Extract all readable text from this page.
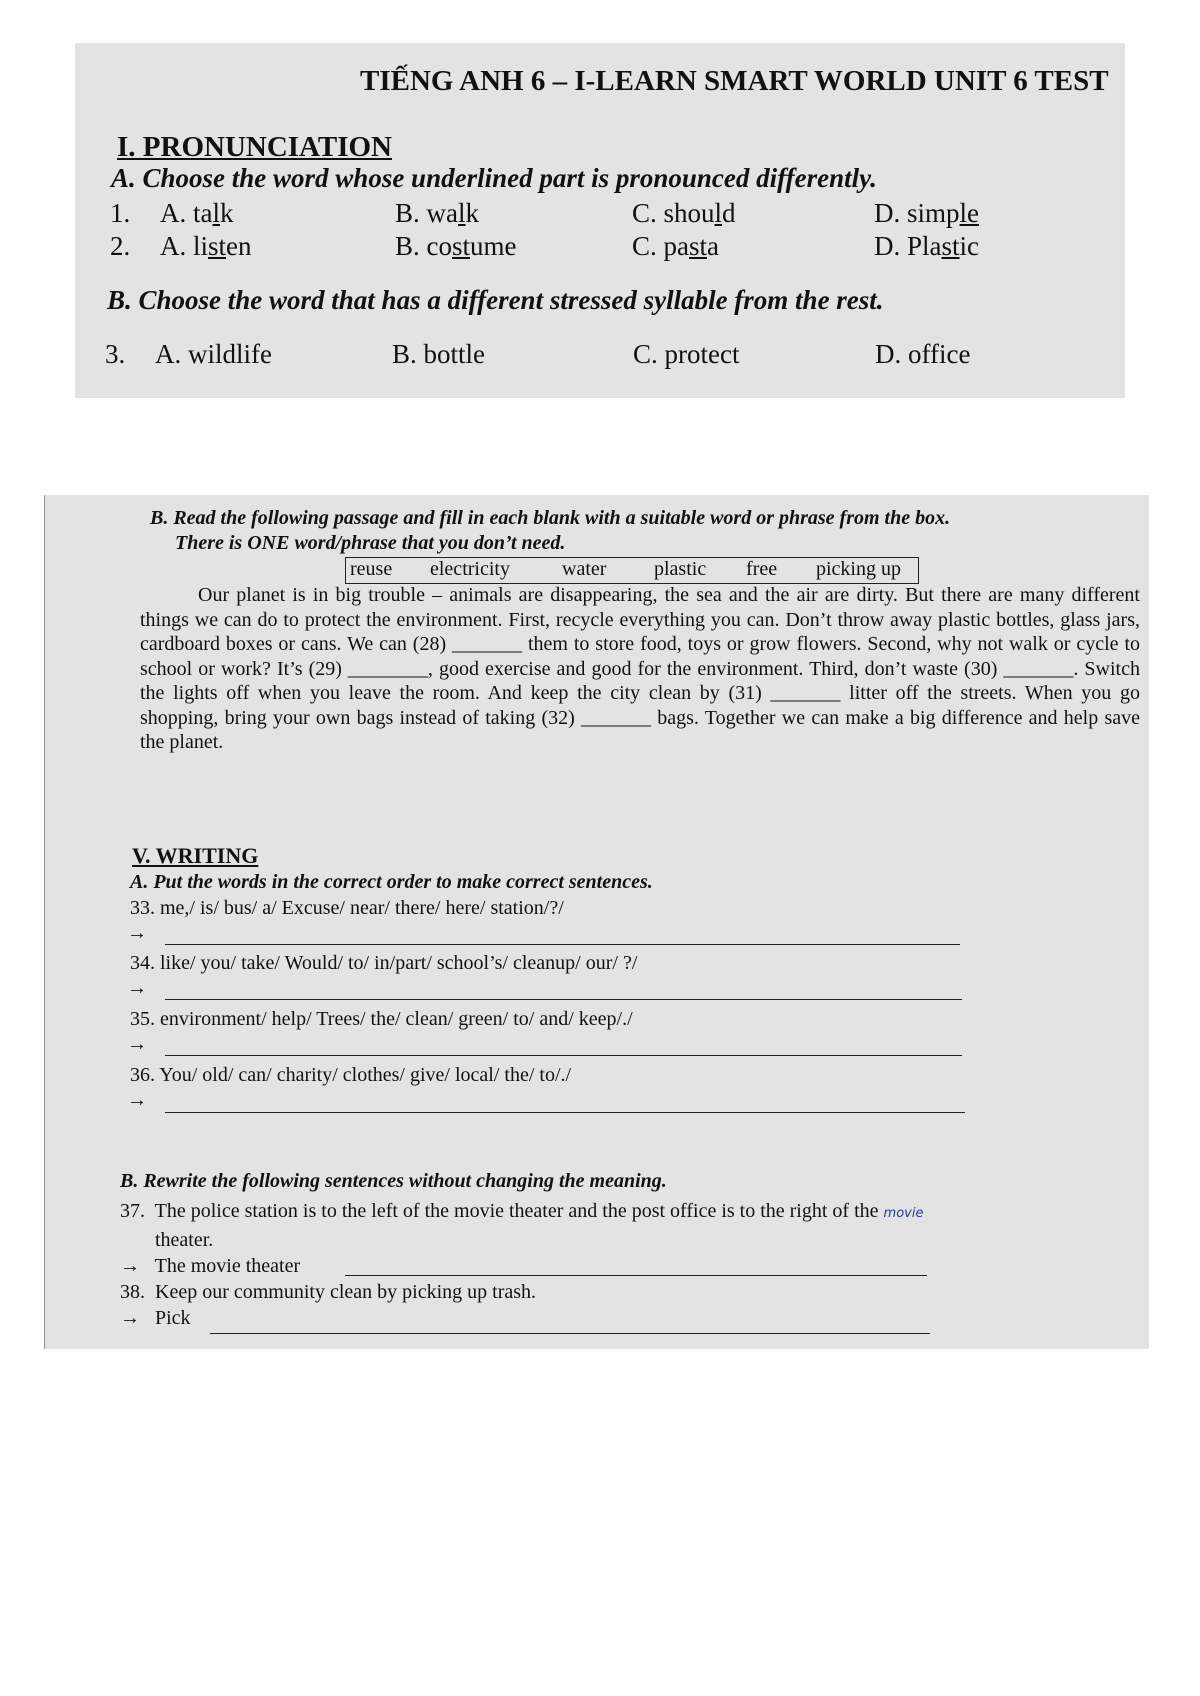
TIẾNG ANH 6 – I-LEARN SMART WORLD UNIT 6 TEST
I. PRONUNCIATION
A. Choose the word whose underlined part is pronounced differently.
1. A. talk	B. walk	C. should	D. simple
2. A. listen	B. costume	C. pasta	D. Plastic
B. Choose the word that has a different stressed syllable from the rest.
3. A. wildlife	B. bottle	C. protect	D. office
B. Read the following passage and fill in each blank with a suitable word or phrase from the box.
There is ONE word/phrase that you don’t need.
reuse electricity	water plastic free picking up

Our planet is in big trouble – animals are disappearing, the sea and the air are dirty. But there are many different things we can do to protect the environment. First, recycle everything you can. Don’t throw away plastic bottles, glass jars, cardboard boxes or cans. We can (28) _______ them to store food, toys or grow flowers. Second, why not walk or cycle to school or work? It’s (29) ________, good exercise and good for the environment. Third, don’t waste (30) _______. Switch the lights off when you leave the room. And keep the city clean by (31) _______ litter off the streets. When you go shopping, bring your own bags instead of taking (32) _______ bags. Together we can make a big difference and help save the planet.

V. WRITING
A. Put the words in the correct order to make correct sentences.
33. me,/ is/ bus/ a/ Excuse/ near/ there/ here/ station/?/
→
34. like/ you/ take/ Would/ to/ in/part/ school’s/ cleanup/ our/ ?/
→
35. environment/ help/ Trees/ the/ clean/ green/ to/ and/ keep/./
→
36. You/ old/ can/ charity/ clothes/ give/ local/ the/ to/./
→
B. Rewrite the following sentences without changing the meaning.
37. The police station is to the left of the movie theater and the post office is to the right of the movie
theater.
→ The movie theater
38. Keep our community clean by picking up trash.
→ Pick
